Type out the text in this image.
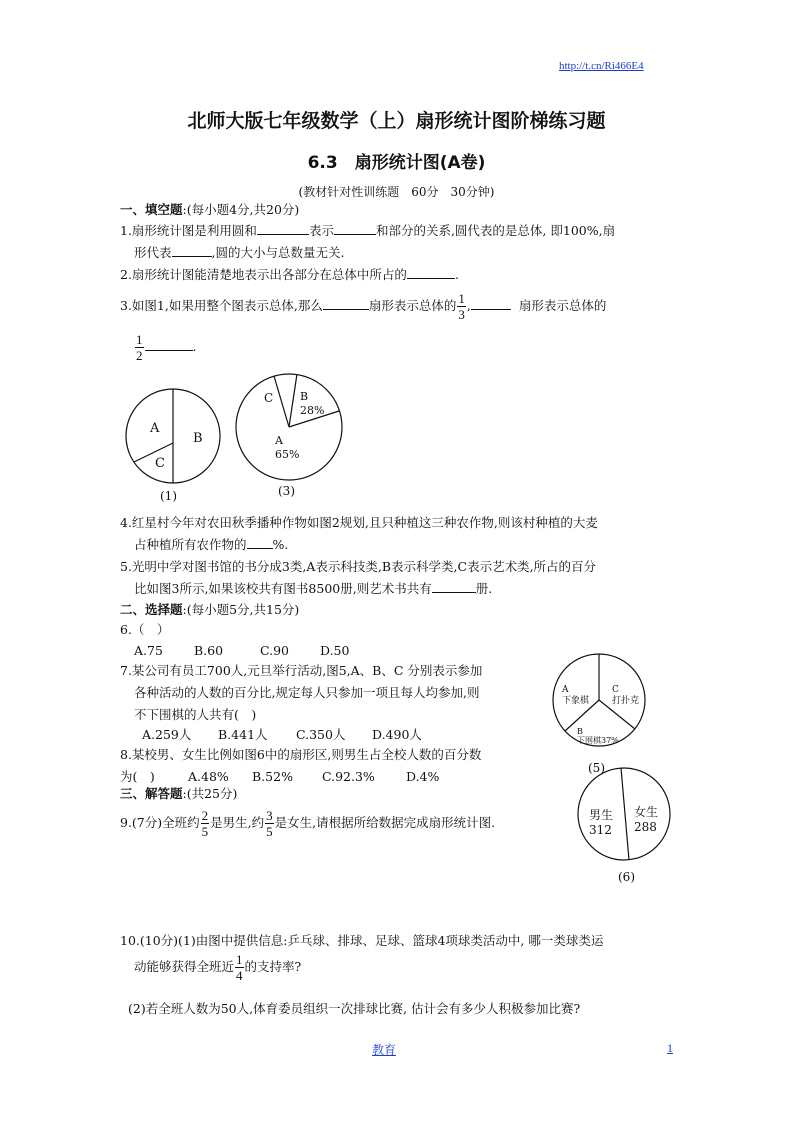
http://t.cn/Ri466E4
北师大版七年级数学（上）扇形统计图阶梯练习题
6.3　扇形统计图(A卷)
(教材针对性训练题　60分　30分钟)
一、填空题:(每小题4分,共20分)
1.扇形统计图是利用圆和	表示	和部分的关系,圆代表的是总体, 即100%,扇
形代表	,圆的大小与总数量无关.
2.扇形统计图能清楚地表示出各部分在总体中所占的	.
3.如图1,如果用整个图表示总体,那么	扇形表示总体的 $\frac{1}{3}$ ,	扇形表示总体的
$\frac{1}{2}$	.
A
B
C
(1)
C B
28%
A
65%
(3)
4.红星村今年对农田秋季播种作物如图2规划,且只种植这三种农作物,则该村种植的大麦
占种植所有农作物的 %.
5.光明中学对图书馆的书分成3类,A表示科技类,B表示科学类,C表示艺术类,所占的百分
比如图3所示,如果该校共有图书8500册,则艺术书共有	册.
二、选择题:(每小题5分,共15分)
6.（　）
A.75 B.60	C.90 D.50
7.某公司有员工700人,元旦举行活动,图5,A、B、C 分别表示参加
各种活动的人数的百分比,规定每人只参加一项且每人均参加,则
不下围棋的人共有(　)
A.259人 B.441人 C.350人 D.490人
8.某校男、女生比例如图6中的扇形区,则男生占全校人数的百分数
为(　)	A.48% B.52% C.92.3% D.4%
A
下象棋
C
打扑克
B
下围棋37%
(5)
三、解答题:(共25分)
男生
312
女生
288
(6)
9.(7分)全班约 $\frac{2}{5}$ 是男生,约 $\frac{3}{5}$ 是女生,请根据所给数据完成扇形统计图.
10.(10分)(1)由图中提供信息:乒乓球、排球、足球、篮球4项球类活动中, 哪一类球类运
动能够获得全班近 $\frac{1}{4}$ 的支持率?
(2)若全班人数为50人,体育委员组织一次排球比赛, 估计会有多少人积极参加比赛?
教育	1
